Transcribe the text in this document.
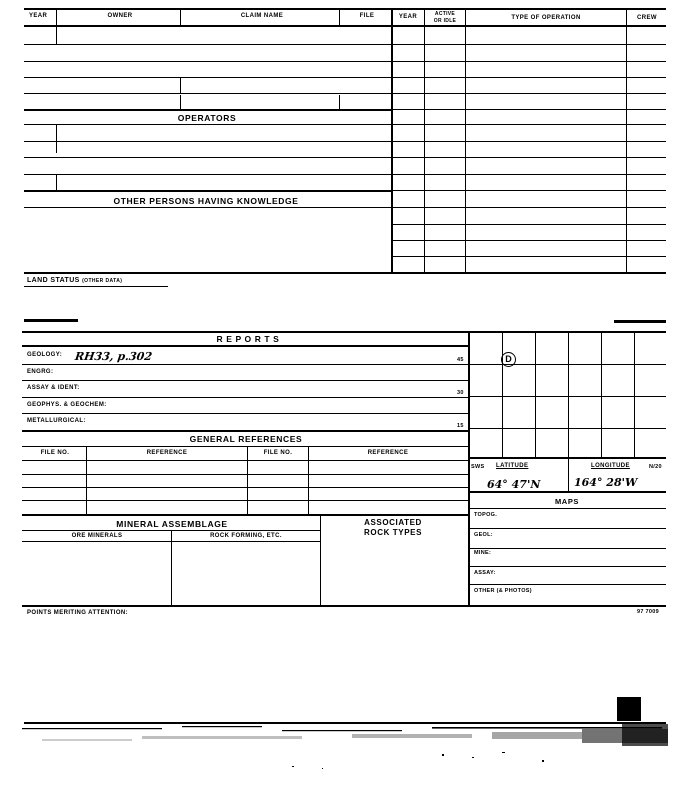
YEAR	OWNER	CLAIM NAME	FILE	YEAR	ACTIVE
OR IDLE	TYPE OF OPERATION	CREW
OPERATORS
OTHER PERSONS HAVING KNOWLEDGE
LAND STATUS (OTHER DATA)
R E P O R T S
GEOLOGY: RH33, p.302	45
ENGRG:
ASSAY & IDENT:
30
GEOPHYS. & GEOCHEM:
METALLURGICAL:
15
GENERAL REFERENCES
FILE NO.	REFERENCE	FILE NO.	REFERENCE
D
SWS LATITUDE	LONGITUDE	N/20
64° 47'N	164° 28'W
MAPS
TOPOG.
GEOL:
MINE:
ASSAY:
OTHER (& PHOTOS)
MINERAL ASSEMBLAGE
ORE MINERALS	ROCK FORMING, ETC.
ASSOCIATED
ROCK TYPES
POINTS MERITING ATTENTION:	97 7009
